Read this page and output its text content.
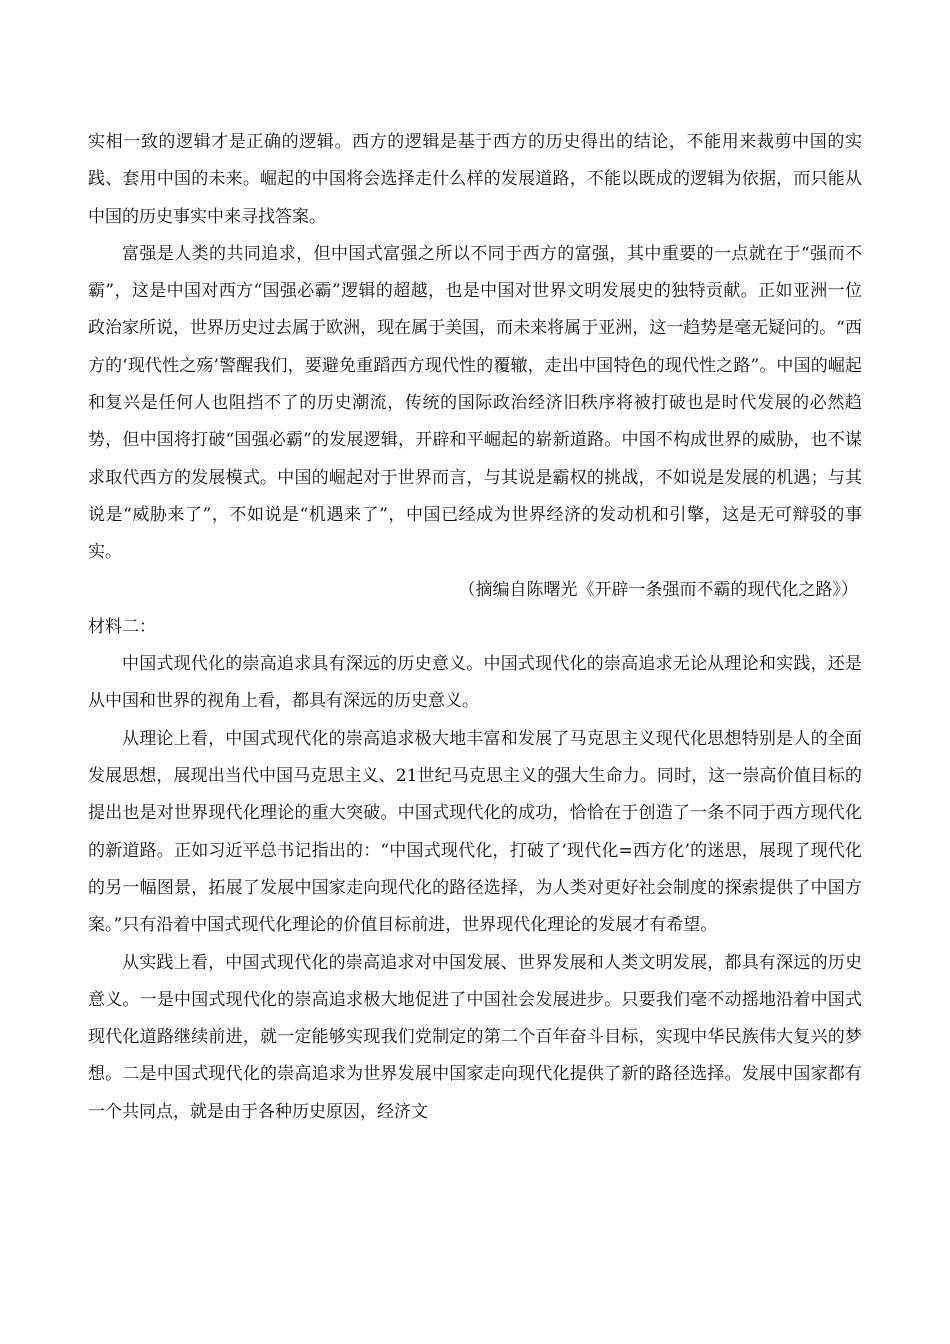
实相一致的逻辑才是正确的逻辑。西方的逻辑是基于西方的历史得出的结论，不能用来裁剪中国的实践、套用中国的未来。崛起的中国将会选择走什么样的发展道路，不能以既成的逻辑为依据，而只能从中国的历史事实中来寻找答案。

富强是人类的共同追求，但中国式富强之所以不同于西方的富强，其中重要的一点就在于“强而不霸”，这是中国对西方“国强必霸”逻辑的超越，也是中国对世界文明发展史的独特贡献。正如亚洲一位政治家所说，世界历史过去属于欧洲，现在属于美国，而未来将属于亚洲，这一趋势是毫无疑问的。“西方的‘现代性之殇’警醒我们，要避免重蹈西方现代性的覆辙，走出中国特色的现代性之路”。中国的崛起和复兴是任何人也阻挡不了的历史潮流，传统的国际政治经济旧秩序将被打破也是时代发展的必然趋势，但中国将打破“国强必霸”的发展逻辑，开辟和平崛起的崭新道路。中国不构成世界的威胁，也不谋求取代西方的发展模式。中国的崛起对于世界而言，与其说是霸权的挑战，不如说是发展的机遇；与其说是“威胁来了”，不如说是“机遇来了”，中国已经成为世界经济的发动机和引擎，这是无可辩驳的事实。

（摘编自陈曙光《开辟一条强而不霸的现代化之路》）

材料二：

中国式现代化的崇高追求具有深远的历史意义。中国式现代化的崇高追求无论从理论和实践，还是从中国和世界的视角上看，都具有深远的历史意义。

从理论上看，中国式现代化的崇高追求极大地丰富和发展了马克思主义现代化思想特别是人的全面发展思想，展现出当代中国马克思主义、21世纪马克思主义的强大生命力。同时，这一崇高价值目标的提出也是对世界现代化理论的重大突破。中国式现代化的成功，恰恰在于创造了一条不同于西方现代化的新道路。正如习近平总书记指出的：“中国式现代化，打破了‘现代化=西方化’的迷思，展现了现代化的另一幅图景，拓展了发展中国家走向现代化的路径选择，为人类对更好社会制度的探索提供了中国方案。”只有沿着中国式现代化理论的价值目标前进，世界现代化理论的发展才有希望。

从实践上看，中国式现代化的崇高追求对中国发展、世界发展和人类文明发展，都具有深远的历史意义。一是中国式现代化的崇高追求极大地促进了中国社会发展进步。只要我们毫不动摇地沿着中国式现代化道路继续前进，就一定能够实现我们党制定的第二个百年奋斗目标，实现中华民族伟大复兴的梦想。二是中国式现代化的崇高追求为世界发展中国家走向现代化提供了新的路径选择。发展中国家都有一个共同点，就是由于各种历史原因，经济文
